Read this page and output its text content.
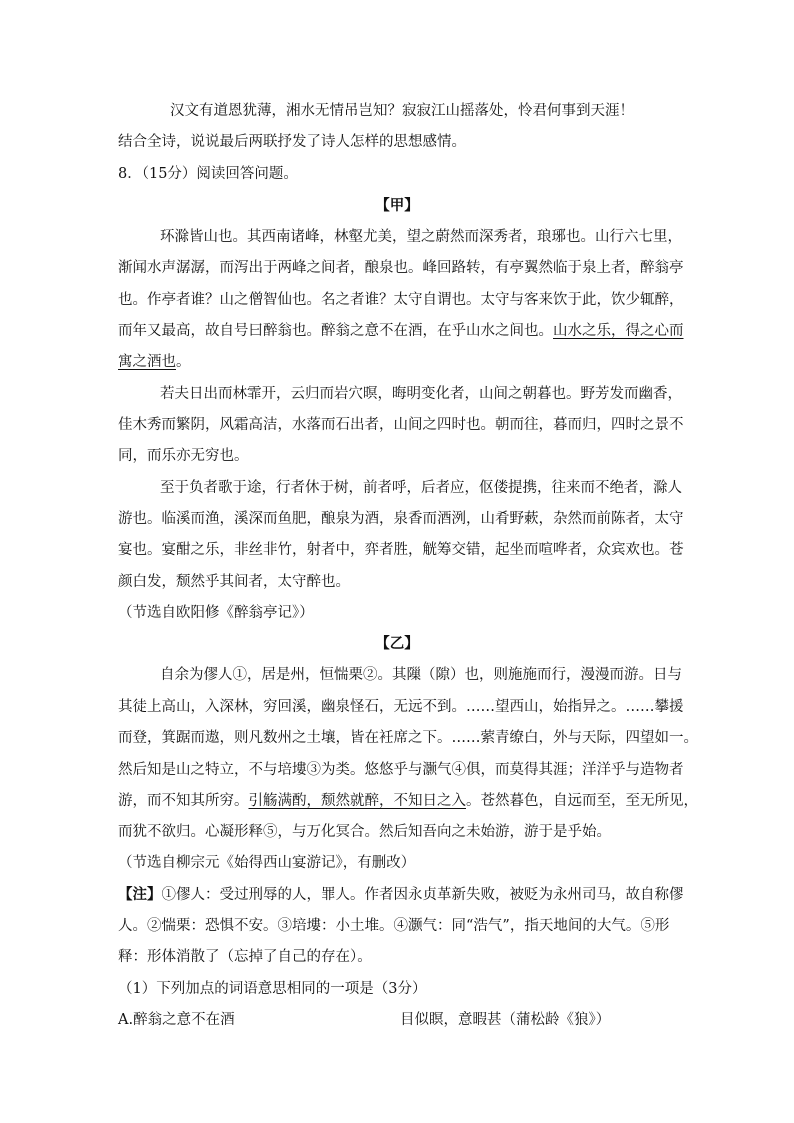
汉文有道恩犹薄，湘水无情吊岂知？寂寂江山摇落处，怜君何事到天涯！
结合全诗，说说最后两联抒发了诗人怎样的思想感情。
8．（15分）阅读回答问题。
【甲】
环滁皆山也。其西南诸峰，林壑尤美，望之蔚然而深秀者，琅琊也。山行六七里，
渐闻水声潺潺，而泻出于两峰之间者，酿泉也。峰回路转，有亭翼然临于泉上者，醉翁亭
也。作亭者谁？山之僧智仙也。名之者谁？太守自谓也。太守与客来饮于此，饮少辄醉，
而年又最高，故自号曰醉翁也。醉翁之意不在酒，在乎山水之间也。山水之乐，得之心而
寓之酒也。
若夫日出而林霏开，云归而岩穴暝，晦明变化者，山间之朝暮也。野芳发而幽香，
佳木秀而繁阴，风霜高洁，水落而石出者，山间之四时也。朝而往，暮而归，四时之景不
同，而乐亦无穷也。
至于负者歌于途，行者休于树，前者呼，后者应，伛偻提携，往来而不绝者，滁人
游也。临溪而渔，溪深而鱼肥，酿泉为酒，泉香而酒洌，山肴野蔌，杂然而前陈者，太守
宴也。宴酣之乐，非丝非竹，射者中，弈者胜，觥筹交错，起坐而喧哗者，众宾欢也。苍
颜白发，颓然乎其间者，太守醉也。
（节选自欧阳修《醉翁亭记》）
【乙】
自余为僇人①，居是州，恒惴栗②。其隟（隙）也，则施施而行，漫漫而游。日与
其徒上高山，入深林，穷回溪，幽泉怪石，无远不到。……望西山，始指异之。……攀援
而登，箕踞而遨，则凡数州之土壤，皆在衽席之下。……萦青缭白，外与天际，四望如一。
然后知是山之特立，不与培塿③为类。悠悠乎与灏气④俱，而莫得其涯；洋洋乎与造物者
游，而不知其所穷。引觞满酌，颓然就醉，不知日之入。苍然暮色，自远而至，至无所见，
而犹不欲归。心凝形释⑤，与万化冥合。然后知吾向之未始游，游于是乎始。
（节选自柳宗元《始得西山宴游记》，有删改）
【注】①僇人：受过刑辱的人，罪人。作者因永贞革新失败，被贬为永州司马，故自称僇
人。②惴栗：恐惧不安。③培塿：小土堆。④灏气：同“浩气”，指天地间的大气。⑤形
释：形体消散了（忘掉了自己的存在）。
（1）下列加点的词语意思相同的一项是（3分）
A.醉翁之意不在酒	目似瞑，意暇甚（蒲松龄《狼》）
